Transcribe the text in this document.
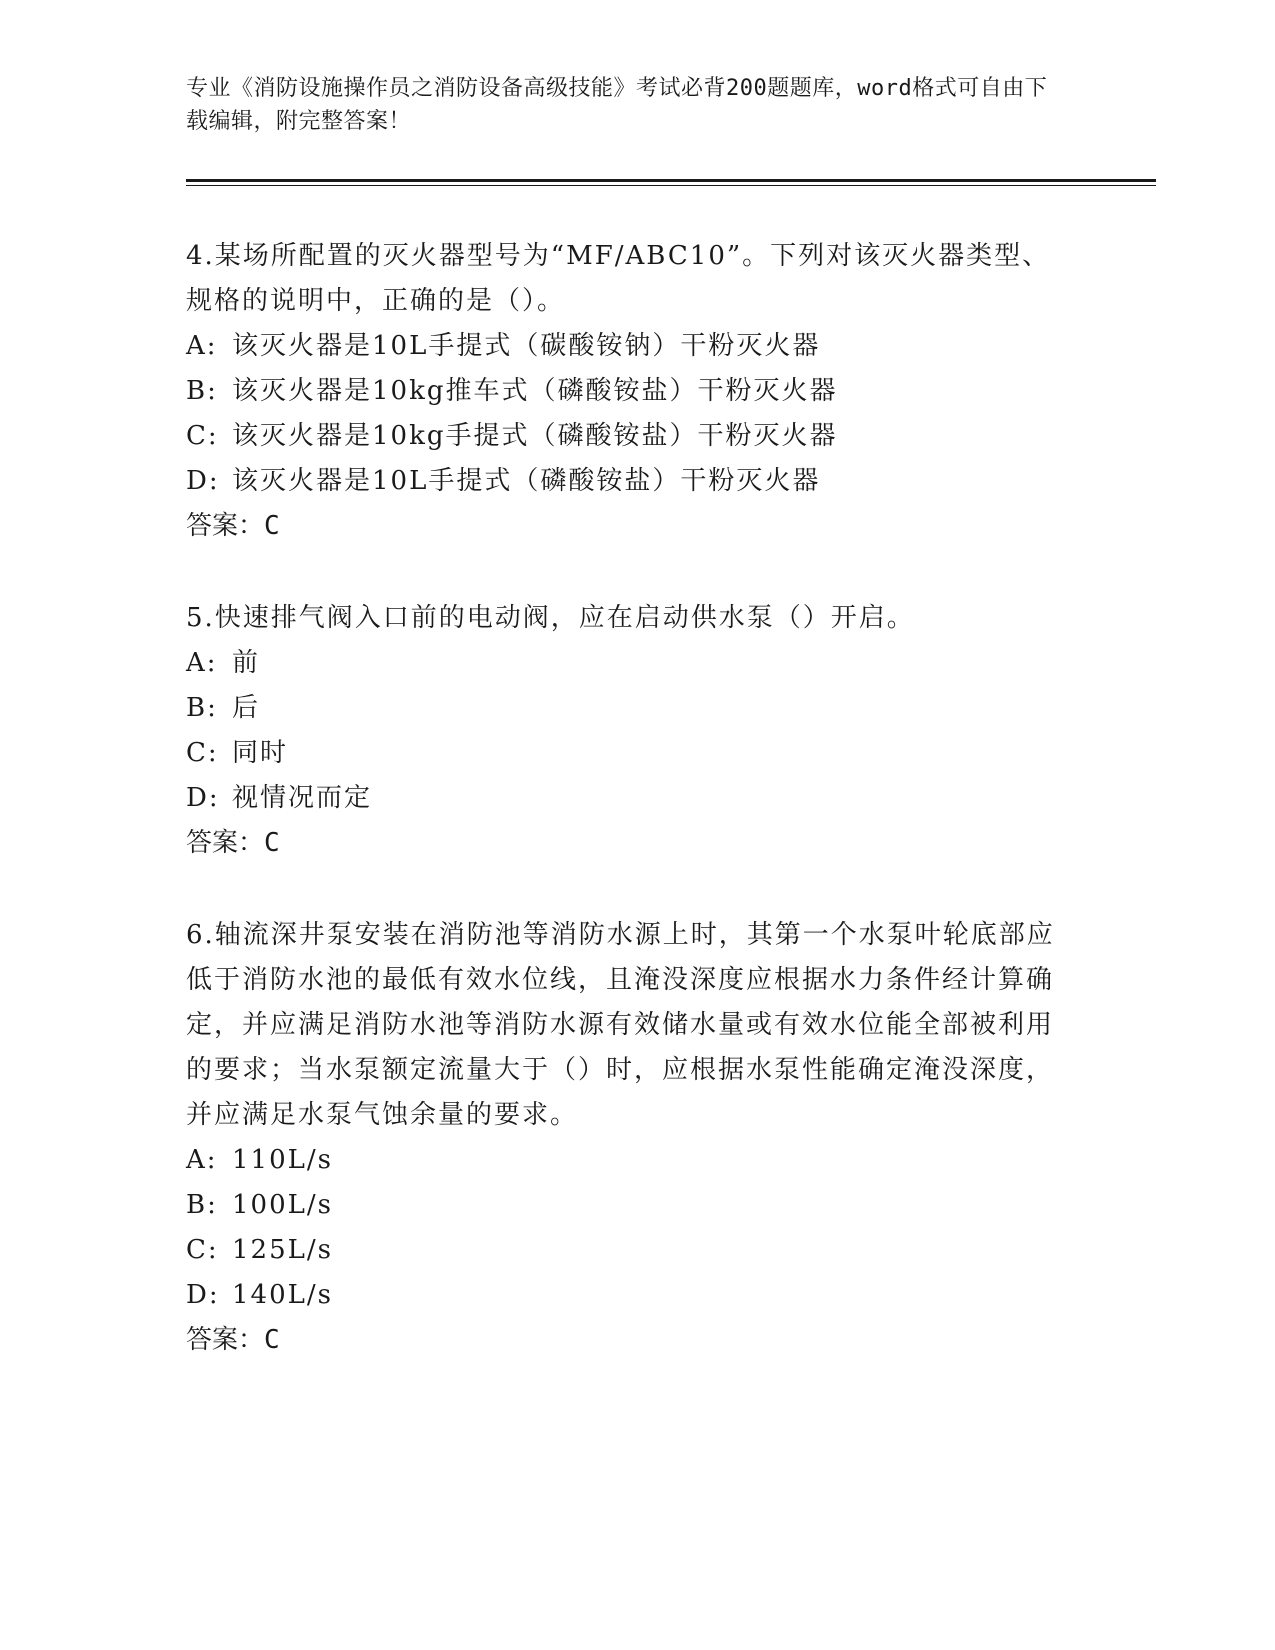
专业《消防设施操作员之消防设备高级技能》考试必背200题题库，word格式可自由下载编辑，附完整答案！

4.某场所配置的灭火器型号为“MF/ABC10”。下列对该灭火器类型、规格的说明中，正确的是（）。

A: 该灭火器是10L手提式（碳酸铵钠）干粉灭火器

B: 该灭火器是10kg推车式（磷酸铵盐）干粉灭火器

C: 该灭火器是10kg手提式（磷酸铵盐）干粉灭火器

D: 该灭火器是10L手提式（磷酸铵盐）干粉灭火器

答案：C

5.快速排气阀入口前的电动阀，应在启动供水泵（）开启。

A: 前

B: 后

C: 同时

D: 视情况而定

答案：C

6.轴流深井泵安装在消防池等消防水源上时，其第一个水泵叶轮底部应低于消防水池的最低有效水位线，且淹没深度应根据水力条件经计算确定，并应满足消防水池等消防水源有效储水量或有效水位能全部被利用的要求；当水泵额定流量大于（）时，应根据水泵性能确定淹没深度，并应满足水泵气蚀余量的要求。

A: 110L/s

B: 100L/s

C: 125L/s

D: 140L/s

答案：C
